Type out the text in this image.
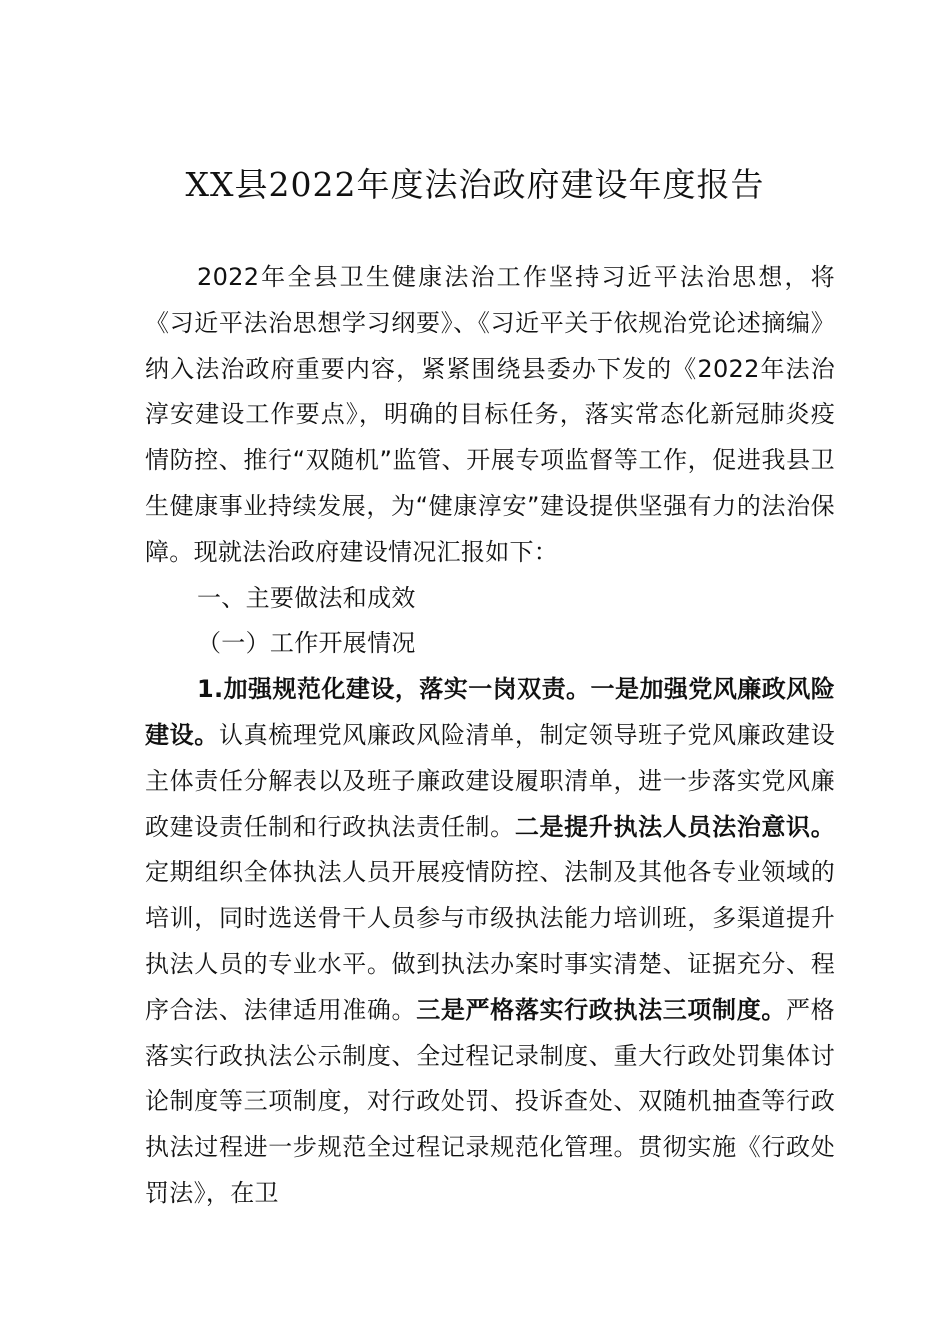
XX县2022年度法治政府建设年度报告

2022年全县卫生健康法治工作坚持习近平法治思想，将《习近平法治思想学习纲要》、《习近平关于依规治党论述摘编》纳入法治政府重要内容，紧紧围绕县委办下发的《2022年法治淳安建设工作要点》，明确的目标任务，落实常态化新冠肺炎疫情防控、推行“双随机”监管、开展专项监督等工作，促进我县卫生健康事业持续发展，为“健康淳安”建设提供坚强有力的法治保障。现就法治政府建设情况汇报如下：

一、主要做法和成效

（一）工作开展情况

1.加强规范化建设，落实一岗双责。一是加强党风廉政风险建设。认真梳理党风廉政风险清单，制定领导班子党风廉政建设主体责任分解表以及班子廉政建设履职清单，进一步落实党风廉政建设责任制和行政执法责任制。二是提升执法人员法治意识。定期组织全体执法人员开展疫情防控、法制及其他各专业领域的培训，同时选送骨干人员参与市级执法能力培训班，多渠道提升执法人员的专业水平。做到执法办案时事实清楚、证据充分、程序合法、法律适用准确。三是严格落实行政执法三项制度。严格落实行政执法公示制度、全过程记录制度、重大行政处罚集体讨论制度等三项制度，对行政处罚、投诉查处、双随机抽查等行政执法过程进一步规范全过程记录规范化管理。贯彻实施《行政处罚法》，在卫
